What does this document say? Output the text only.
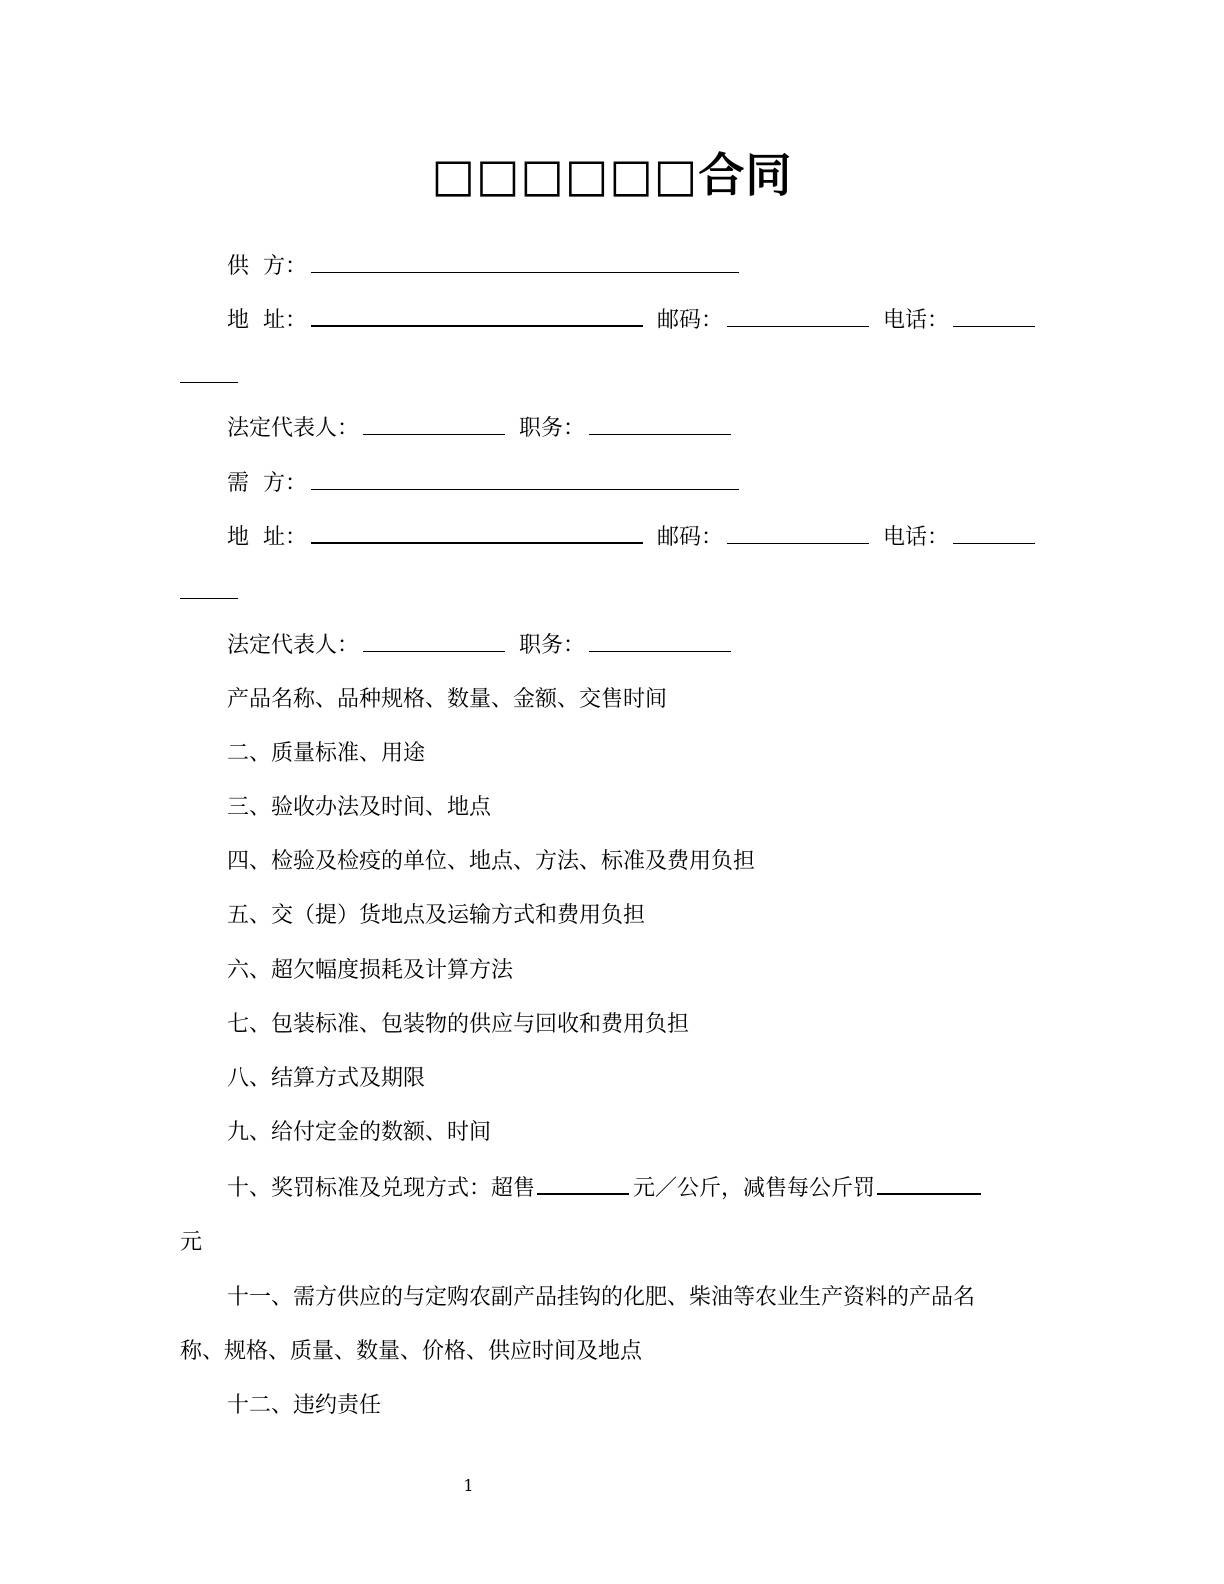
□□□□□□合同
供  方：
地  址：	邮码：	电话：
法定代表人：	职务：
需  方：
地  址：	邮码：	电话：
法定代表人：	职务：
产品名称、品种规格、数量、金额、交售时间
二、质量标准、用途
三、验收办法及时间、地点
四、检验及检疫的单位、地点、方法、标准及费用负担
五、交（提）货地点及运输方式和费用负担
六、超欠幅度损耗及计算方法
七、包装标准、包装物的供应与回收和费用负担
八、结算方式及期限
九、给付定金的数额、时间
十、奖罚标准及兑现方式：超售	元／公斤，减售每公斤罚
元
十一、需方供应的与定购农副产品挂钩的化肥、柴油等农业生产资料的产品名
称、规格、质量、数量、价格、供应时间及地点
十二、违约责任
1
